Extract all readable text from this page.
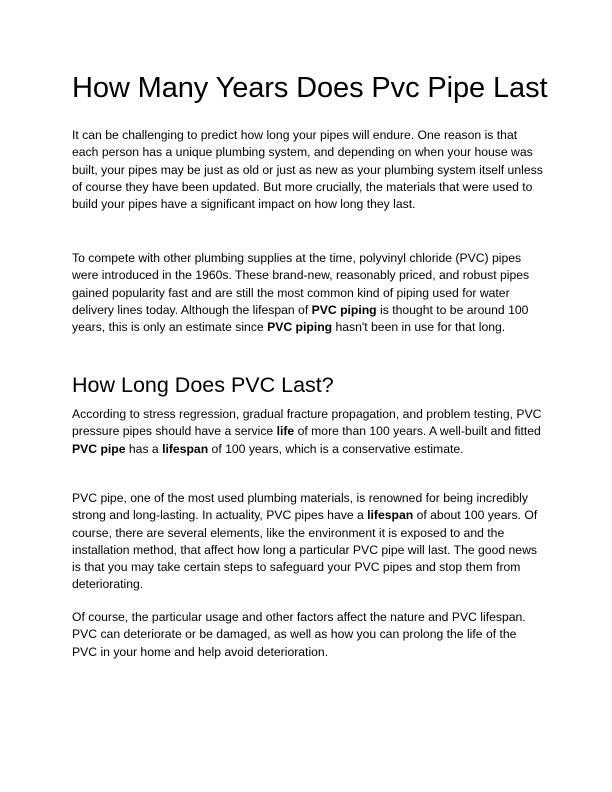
How Many Years Does Pvc Pipe Last

It can be challenging to predict how long your pipes will endure. One reason is that each person has a unique plumbing system, and depending on when your house was built, your pipes may be just as old or just as new as your plumbing system itself unless of course they have been updated. But more crucially, the materials that were used to build your pipes have a significant impact on how long they last.

To compete with other plumbing supplies at the time, polyvinyl chloride (PVC) pipes were introduced in the 1960s. These brand-new, reasonably priced, and robust pipes gained popularity fast and are still the most common kind of piping used for water delivery lines today. Although the lifespan of PVC piping is thought to be around 100 years, this is only an estimate since PVC piping hasn't been in use for that long.

How Long Does PVC Last?

According to stress regression, gradual fracture propagation, and problem testing, PVC pressure pipes should have a service life of more than 100 years. A well-built and fitted PVC pipe has a lifespan of 100 years, which is a conservative estimate.

PVC pipe, one of the most used plumbing materials, is renowned for being incredibly strong and long-lasting. In actuality, PVC pipes have a lifespan of about 100 years. Of course, there are several elements, like the environment it is exposed to and the installation method, that affect how long a particular PVC pipe will last. The good news is that you may take certain steps to safeguard your PVC pipes and stop them from deteriorating.

Of course, the particular usage and other factors affect the nature and PVC lifespan. PVC can deteriorate or be damaged, as well as how you can prolong the life of the PVC in your home and help avoid deterioration.
